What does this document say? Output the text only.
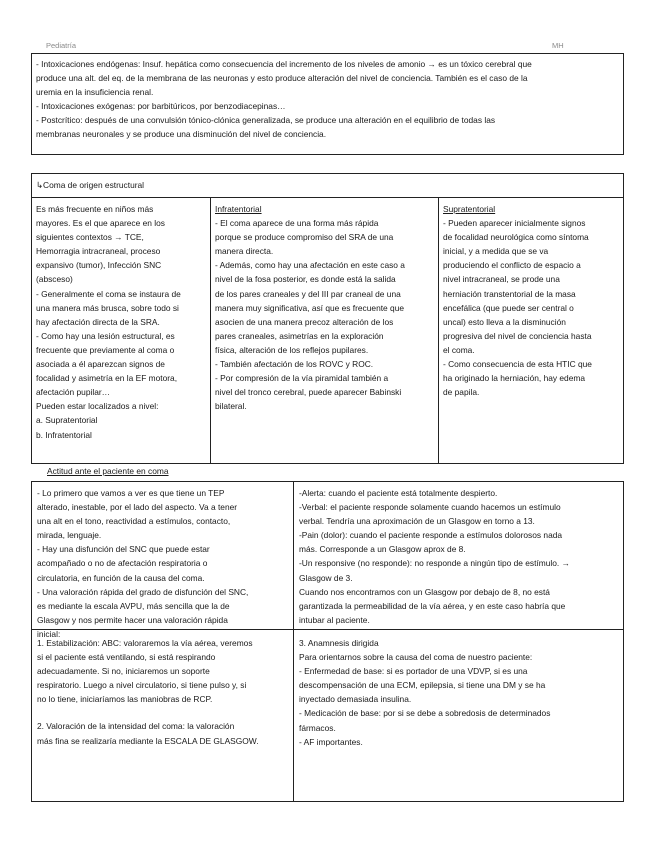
Pediatría	MH

- Intoxicaciones endógenas: Insuf. hepática como consecuencia del incremento de los niveles de amonio → es un tóxico cerebral que

produce una alt. del eq. de la membrana de las neuronas y esto produce alteración del nivel de conciencia. También es el caso de la

uremia en la insuficiencia renal.

- Intoxicaciones exógenas: por barbitúricos, por benzodiacepinas…

- Postcrítico: después de una convulsión tónico-clónica generalizada, se produce una alteración en el equilibrio de todas las

membranas neuronales y se produce una disminución del nivel de conciencia.

↳Coma de origen estructural

Es más frecuente en niños más

mayores. Es el que aparece en los

siguientes contextos → TCE,

Hemorragia intracraneal, proceso

expansivo (tumor), Infección SNC

(absceso)

- Generalmente el coma se instaura de

una manera más brusca, sobre todo si

hay afectación directa de la SRA.

- Como hay una lesión estructural, es

frecuente que previamente al coma o

asociada a él aparezcan signos de

focalidad y asimetría en la EF motora,

afectación pupilar…

Pueden estar localizados a nivel:

a. Supratentorial

b. Infratentorial

Infratentorial

- El coma aparece de una forma más rápida

porque se produce compromiso del SRA de una

manera directa.

- Además, como hay una afectación en este caso a

nivel de la fosa posterior, es donde está la salida

de los pares craneales y del III par craneal de una

manera muy significativa, así que es frecuente que

asocien de una manera precoz alteración de los

pares craneales, asimetrías en la exploración

física, alteración de los reflejos pupilares.

- También afectación de los ROVC y ROC.

- Por compresión de la vía piramidal también a

nivel del tronco cerebral, puede aparecer Babinski

bilateral.

Supratentorial

- Pueden aparecer inicialmente signos

de focalidad neurológica como síntoma

inicial, y a medida que se va

produciendo el conflicto de espacio a

nivel intracraneal, se prode una

herniación transtentorial de la masa

encefálica (que puede ser central o

uncal) esto lleva a la disminución

progresiva del nivel de conciencia hasta

el coma.

- Como consecuencia de esta HTIC que

ha originado la herniación, hay edema

de papila.

Actitud ante el paciente en coma

- Lo primero que vamos a ver es que tiene un TEP

alterado, inestable, por el lado del aspecto. Va a tener

una alt en el tono, reactividad a estímulos, contacto,

mirada, lenguaje.

- Hay una disfunción del SNC que puede estar

acompañado o no de afectación respiratoria o

circulatoria, en función de la causa del coma.

- Una valoración rápida del grado de disfunción del SNC,

es mediante la escala AVPU, más sencilla que la de

Glasgow y nos permite hacer una valoración rápida

inicial:

-Alerta: cuando el paciente está totalmente despierto.

-Verbal: el paciente responde solamente cuando hacemos un estímulo

verbal. Tendría una aproximación de un Glasgow en torno a 13.

-Pain (dolor): cuando el paciente responde a estímulos dolorosos nada

más. Corresponde a un Glasgow aprox de 8.

-Un responsive (no responde): no responde a ningún tipo de estímulo. →

Glasgow de 3.

Cuando nos encontramos con un Glasgow por debajo de 8, no está

garantizada la permeabilidad de la vía aérea, y en este caso habría que

intubar al paciente.

1. Estabilización: ABC: valoraremos la vía aérea, veremos

si el paciente está ventilando, si está respirando

adecuadamente. Si no, iniciaremos un soporte

respiratorio. Luego a nivel circulatorio, si tiene pulso y, si

no lo tiene, iniciaríamos las maniobras de RCP.

2. Valoración de la intensidad del coma: la valoración

más fina se realizaría mediante la ESCALA DE GLASGOW.

3. Anamnesis dirigida

Para orientarnos sobre la causa del coma de nuestro paciente:

- Enfermedad de base: si es portador de una VDVP, si es una

descompensación de una ECM, epilepsia, si tiene una DM y se ha

inyectado demasiada insulina.

- Medicación de base: por si se debe a sobredosis de determinados

fármacos.

- AF importantes.
